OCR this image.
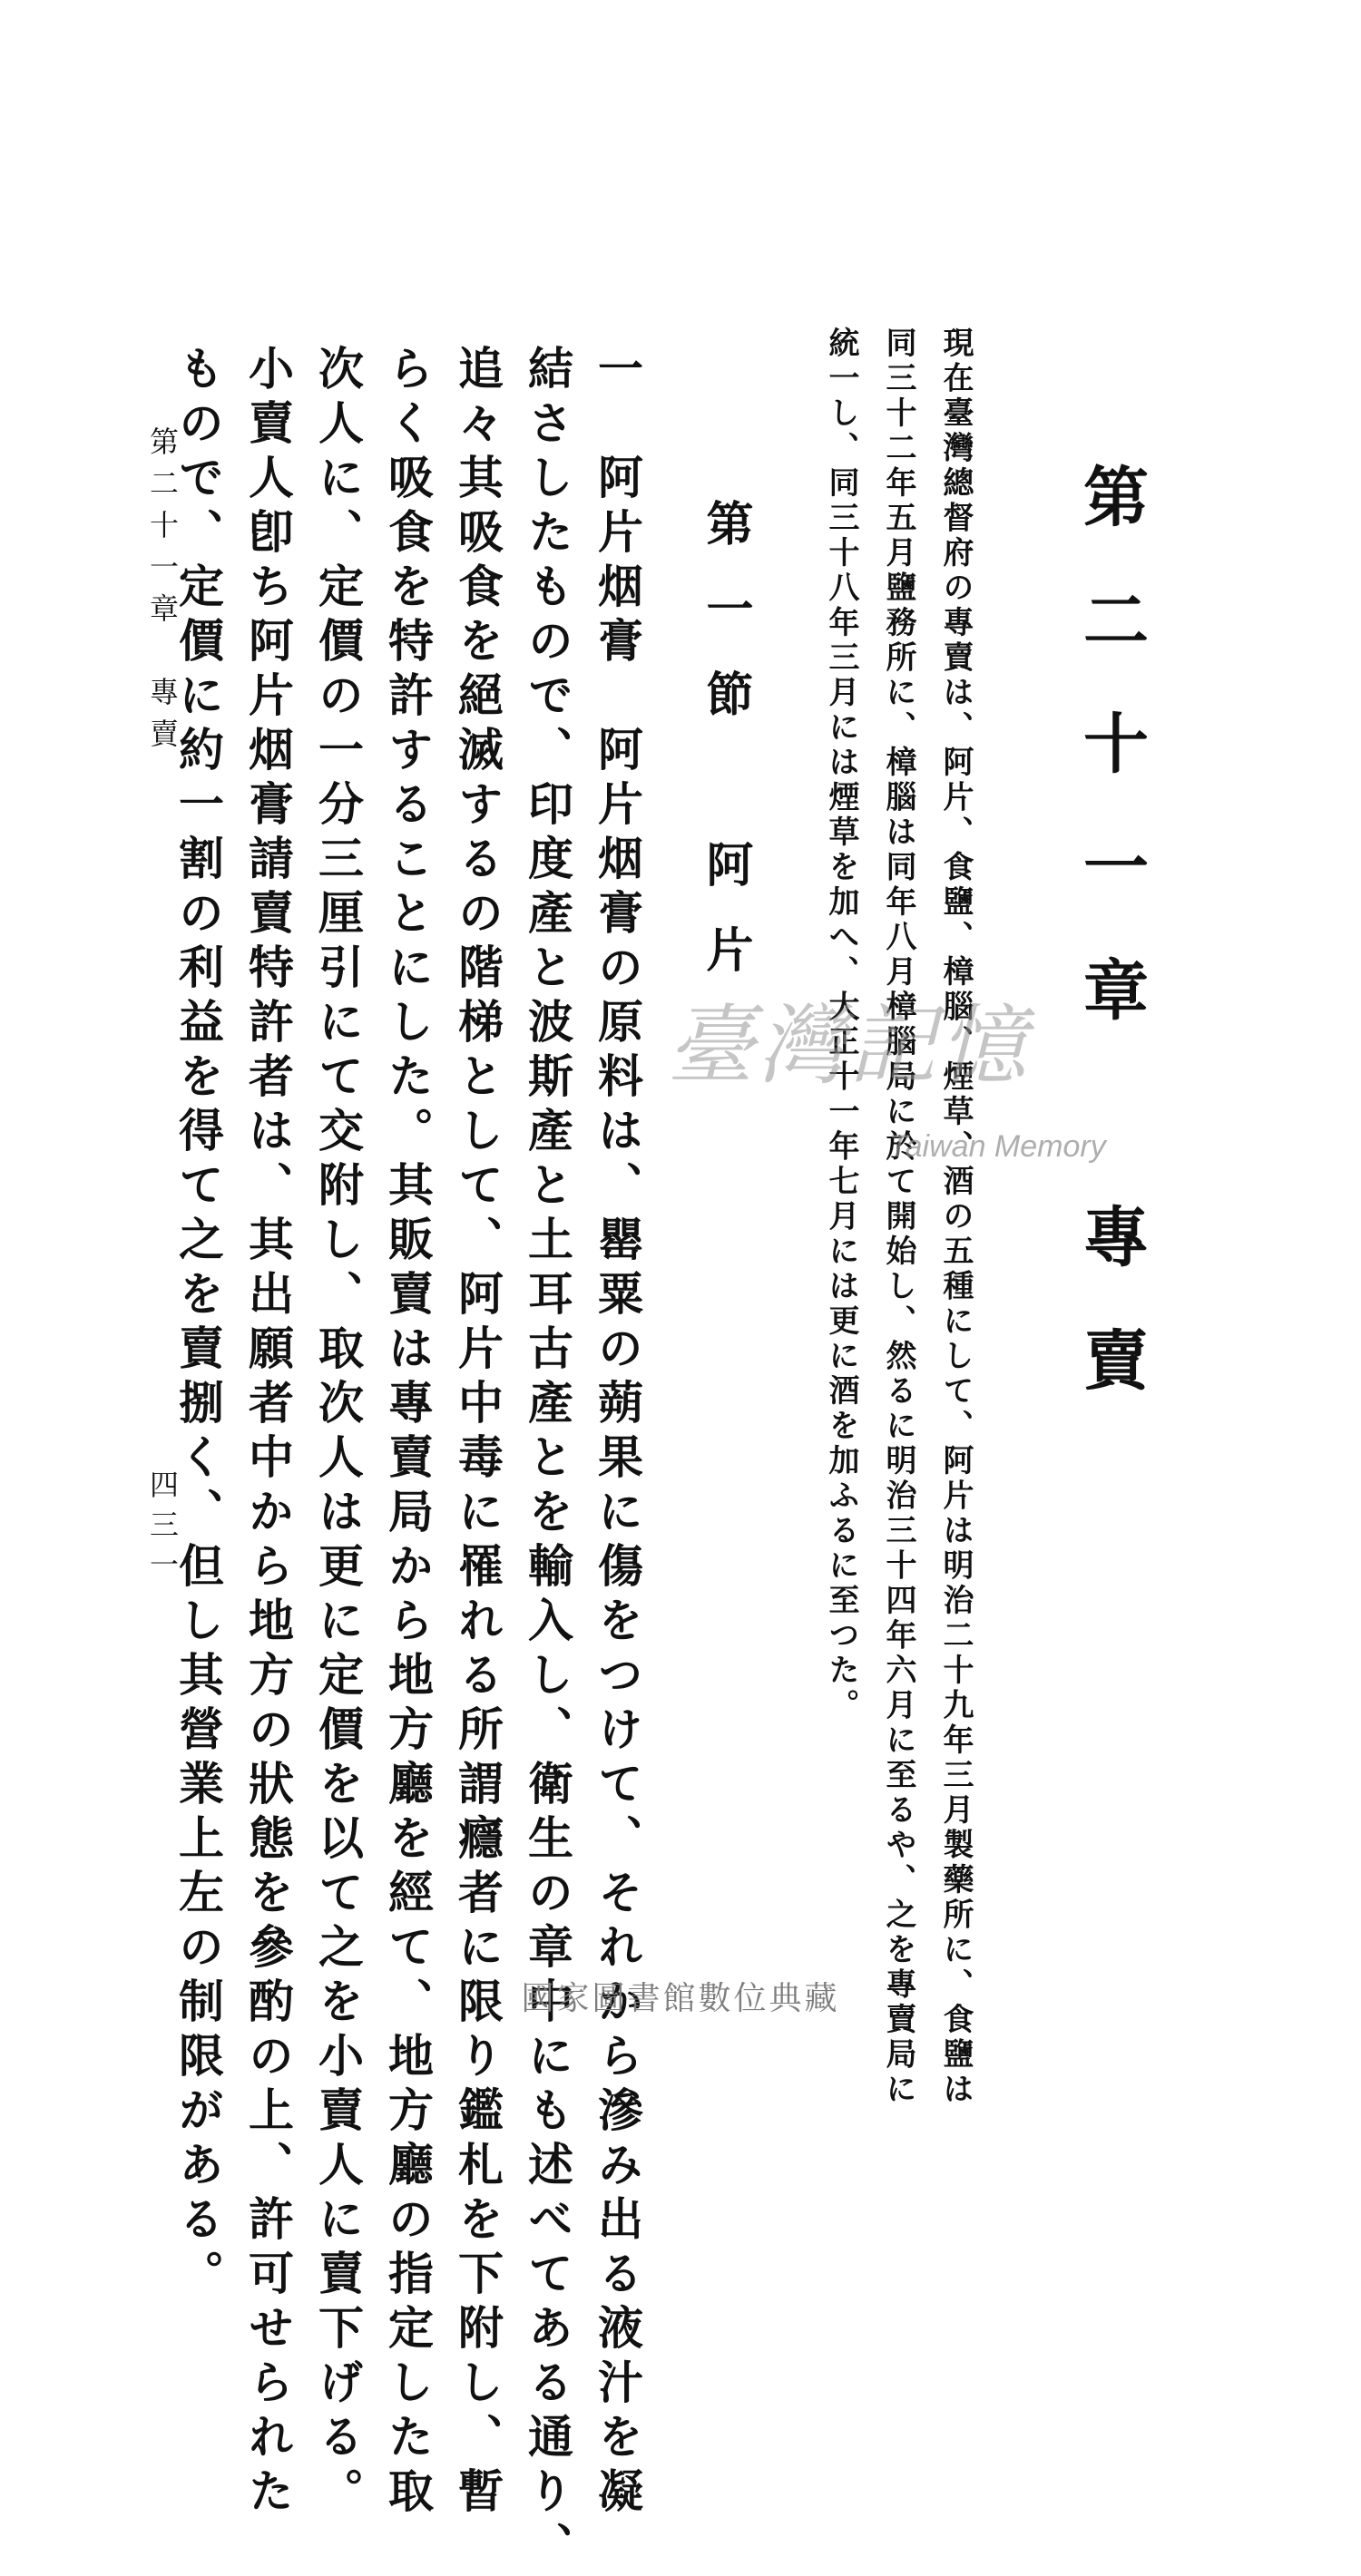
第二十一章　專賣
現在臺灣總督府の專賣は、阿片、食鹽、樟腦、煙草、酒の五種にして、阿片は明治二十九年三月製藥所に、食鹽は
同三十二年五月鹽務所に、樟腦は同年八月樟腦局に於て開始し、然るに明治三十四年六月に至るや、之を專賣局に
統一し、同三十八年三月には煙草を加へ、大正十一年七月には更に酒を加ふるに至つた。
第一節　阿片
一　阿片烟膏　阿片烟膏の原料は、罌粟の蒴果に傷をつけて、それから滲み出る液汁を凝
結さしたもので、印度產と波斯產と土耳古產とを輸入し、衛生の章中にも述べてある通り、
追々其吸食を絕滅するの階梯として、阿片中毒に罹れる所謂癮者に限り鑑札を下附し、暫
らく吸食を特許することにした。其販賣は專賣局から地方廳を經て、地方廳の指定した取
次人に、定價の一分三厘引にて交附し、取次人は更に定價を以て之を小賣人に賣下げる。
小賣人卽ち阿片烟膏請賣特許者は、其出願者中から地方の狀態を參酌の上、許可せられた
もので、定價に約一割の利益を得て之を賣捌く、但し其營業上左の制限がある。
第二十一章　專賣
四三一
臺灣記憶
Taiwan Memory
國家圖書館數位典藏
